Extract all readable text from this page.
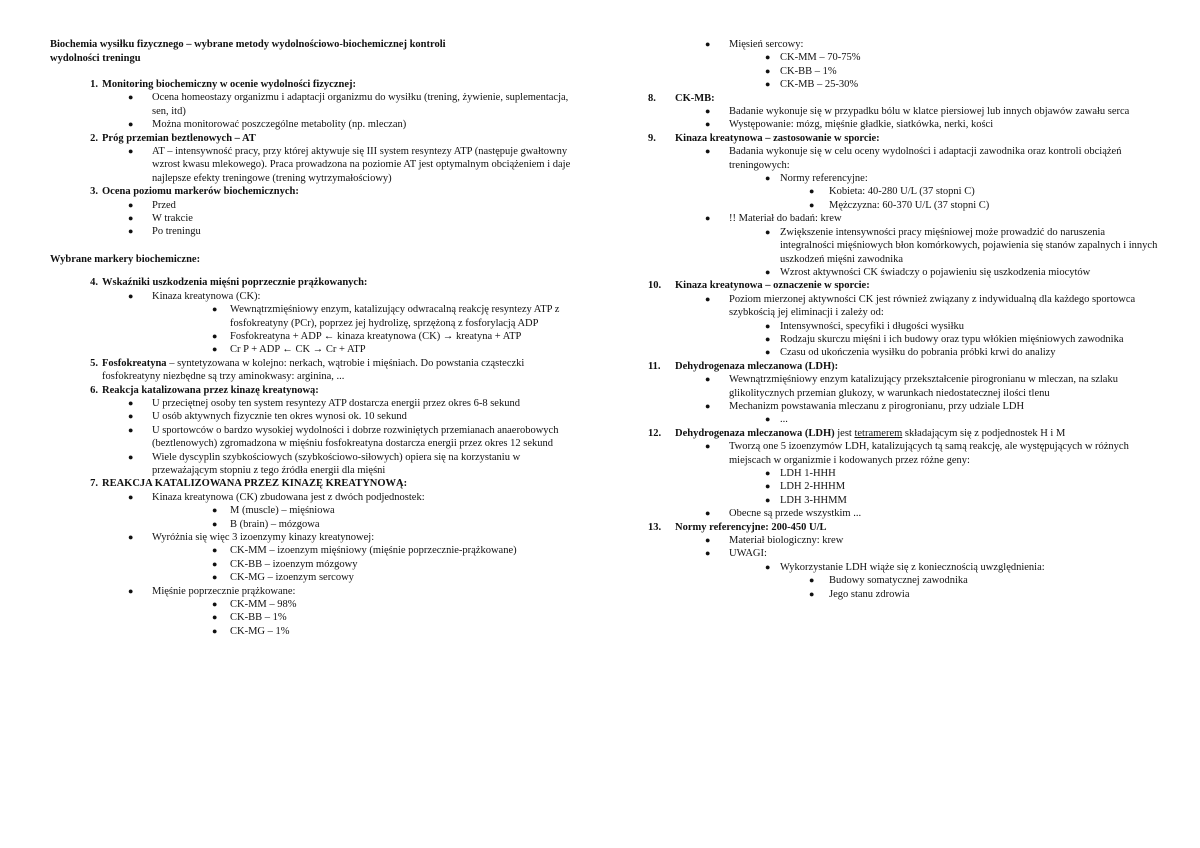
Biochemia wysiłku fizycznego – wybrane metody wydolnościowo-biochemicznej kontroli
wydolności treningu
1. Monitoring biochemiczny w ocenie wydolności fizycznej:
● Ocena homeostazy organizmu i adaptacji organizmu do wysiłku (trening, żywienie, suplementacja, sen, itd)
● Można monitorować poszczególne metabolity (np. mleczan)
2. Próg przemian beztlenowych – AT
● AT – intensywność pracy, przy której aktywuje się III system resyntezy ATP (następuje gwałtowny wzrost kwasu mlekowego). Praca prowadzona na poziomie AT jest optymalnym obciążeniem i daje najlepsze efekty treningowe (trening wytrzymałościowy)
3. Ocena poziomu markerów biochemicznych:
● Przed
● W trakcie
● Po treningu
Wybrane markery biochemiczne:
4. Wskaźniki uszkodzenia mięśni poprzecznie prążkowanych:
● Kinaza kreatynowa (CK):
● Wewnątrzmięśniowy enzym, katalizujący odwracalną reakcję resyntezy ATP z fosfokreatyny (PCr), poprzez jej hydrolizę, sprzężoną z fosforylacją ADP
● Fosfokreatyna + ADP ← kinaza kreatynowa (CK) → kreatyna + ATP
● Cr P + ADP ← CK → Cr + ATP
5. Fosfokreatyna – syntetyzowana w kolejno: nerkach, wątrobie i mięśniach. Do powstania cząsteczki fosfokreatyny niezbędne są trzy aminokwasy: arginina, ...
6. Reakcja katalizowana przez kinazę kreatynową:
● U przeciętnej osoby ten system resyntezy ATP dostarcza energii przez okres 6-8 sekund
● U osób aktywnych fizycznie ten okres wynosi ok. 10 sekund
● U sportowców o bardzo wysokiej wydolności i dobrze rozwiniętych przemianach anaerobowych (beztlenowych) zgromadzona w mięśniu fosfokreatyna dostarcza energii przez okres 12 sekund
● Wiele dyscyplin szybkościowych (szybkościowo-siłowych) opiera się na korzystaniu w przeważającym stopniu z tego źródła energii dla mięśni
7. REAKCJA KATALIZOWANA PRZEZ KINAZĘ KREATYNOWĄ:
● Kinaza kreatynowa (CK) zbudowana jest z dwóch podjednostek:
● M (muscle) – mięśniowa
● B (brain) – mózgowa
● Wyróżnia się więc 3 izoenzymy kinazy kreatynowej:
● CK-MM – izoenzym mięśniowy (mięśnie poprzecznie-prążkowane)
● CK-BB – izoenzym mózgowy
● CK-MG – izoenzym sercowy
● Mięśnie poprzecznie prążkowane:
● CK-MM – 98%
● CK-BB – 1%
● CK-MG – 1%
● Mięsień sercowy:
● CK-MM – 70-75%
● CK-BB – 1%
● CK-MB – 25-30%
8.	CK-MB:
● Badanie wykonuje się w przypadku bólu w klatce piersiowej lub innych objawów zawału serca
● Występowanie: mózg, mięśnie gładkie, siatkówka, nerki, kości
9.	Kinaza kreatynowa – zastosowanie w sporcie:
● Badania wykonuje się w celu oceny wydolności i adaptacji zawodnika oraz kontroli obciążeń treningowych:
● Normy referencyjne:
● Kobieta: 40-280 U/L (37 stopni C)
● Mężczyzna: 60-370 U/L (37 stopni C)
● !! Materiał do badań: krew
● Zwiększenie intensywności pracy mięśniowej może prowadzić do naruszenia integralności mięśniowych błon komórkowych, pojawienia się stanów zapalnych i innych uszkodzeń mięśni zawodnika
● Wzrost aktywności CK świadczy o pojawieniu się uszkodzenia miocytów
10.	Kinaza kreatynowa – oznaczenie w sporcie:
● Poziom mierzonej aktywności CK jest również związany z indywidualną dla każdego sportowca szybkością jej eliminacji i zależy od:
● Intensywności, specyfiki i długości wysiłku
● Rodzaju skurczu mięśni i ich budowy oraz typu włókien mięśniowych zawodnika
● Czasu od ukończenia wysiłku do pobrania próbki krwi do analizy
11.	Dehydrogenaza mleczanowa (LDH):
● Wewnątrzmięśniowy enzym katalizujący przekształcenie pirogronianu w mleczan, na szlaku glikolitycznych przemian glukozy, w warunkach niedostatecznej ilości tlenu
● Mechanizm powstawania mleczanu z pirogronianu, przy udziale LDH
● ...
12.	Dehydrogenaza mleczanowa (LDH) jest tetramerem składającym się z podjednostek H i M
● Tworzą one 5 izoenzymów LDH, katalizujących tą samą reakcję, ale występujących w różnych miejscach w organizmie i kodowanych przez różne geny:
● LDH 1-HHH
● LDH 2-HHHM
● LDH 3-HHMM
● Obecne są przede wszystkim ...
13.	Normy referencyjne: 200-450 U/L
● Materiał biologiczny: krew
● UWAGI:
● Wykorzystanie LDH wiąże się z koniecznością uwzględnienia:
● Budowy somatycznej zawodnika
● Jego stanu zdrowia
